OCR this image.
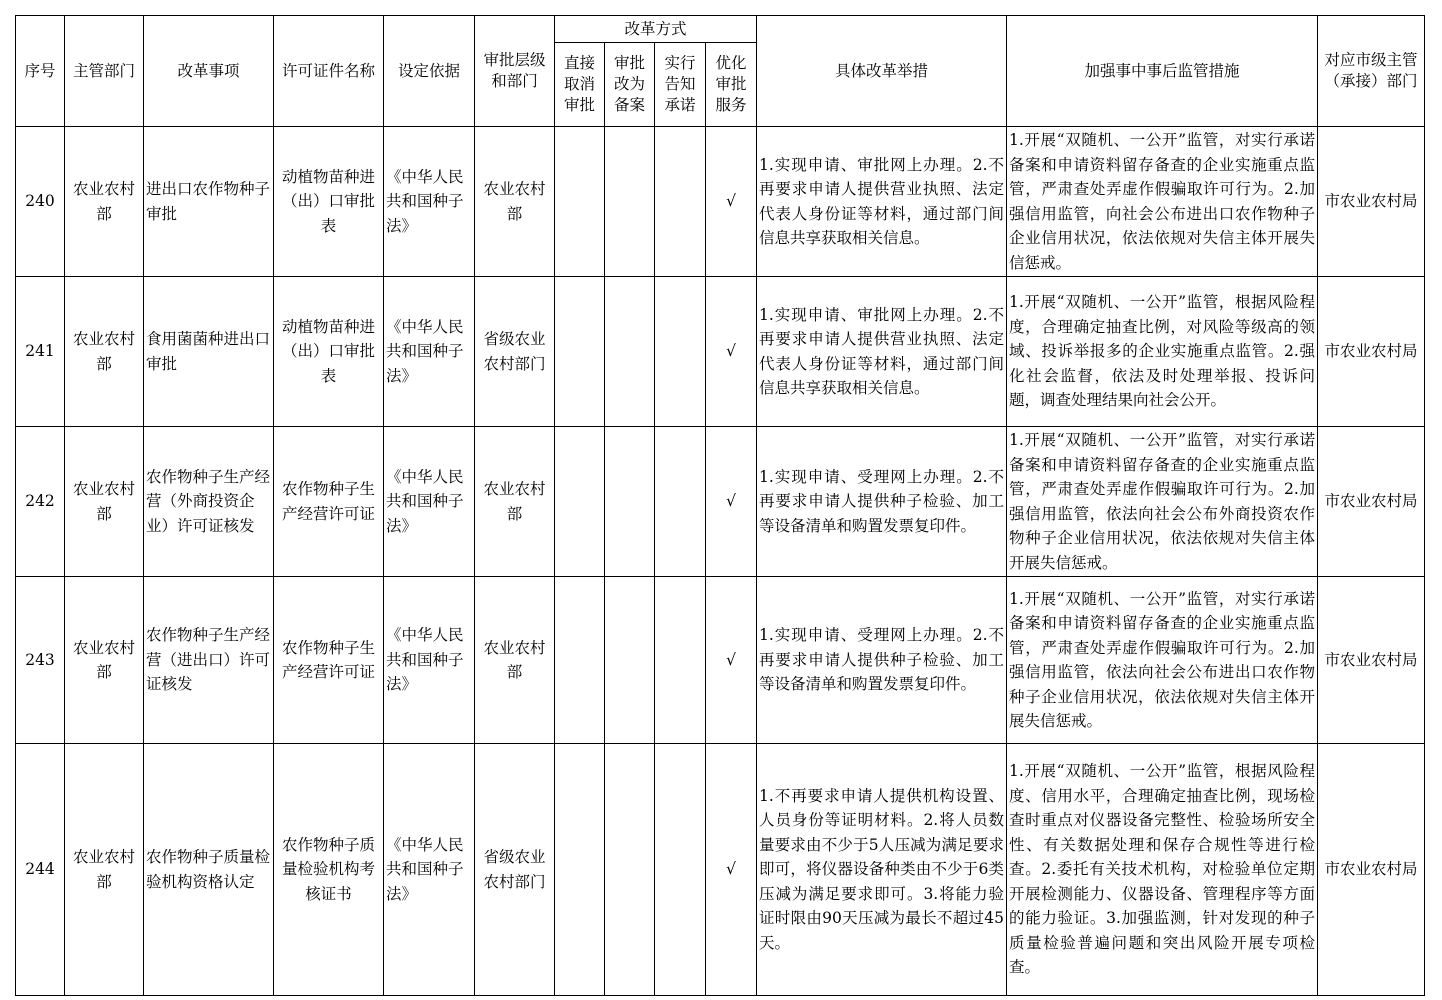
序号	主管部门	改革事项	许可证件名称	设定依据	审批层级和部门	改革方式				具体改革举措	加强事中事后监管措施	对应市级主管（承接）部门
						直接取消审批	审批改为备案	实行告知承诺	优化审批服务			
240	农业农村部	进出口农作物种子审批	动植物苗种进（出）口审批表	《中华人民共和国种子法》	农业农村部				√	1.实现申请、审批网上办理。2.不再要求申请人提供营业执照、法定代表人身份证等材料，通过部门间信息共享获取相关信息。	1.开展“双随机、一公开”监管，对实行承诺备案和申请资料留存备查的企业实施重点监管，严肃查处弄虚作假骗取许可行为。2.加强信用监管，向社会公布进出口农作物种子企业信用状况，依法依规对失信主体开展失信惩戒。	市农业农村局
241	农业农村部	食用菌菌种进出口审批	动植物苗种进（出）口审批表	《中华人民共和国种子法》	省级农业农村部门				√	1.实现申请、审批网上办理。2.不再要求申请人提供营业执照、法定代表人身份证等材料，通过部门间信息共享获取相关信息。	1.开展“双随机、一公开”监管，根据风险程度，合理确定抽查比例，对风险等级高的领域、投诉举报多的企业实施重点监管。2.强化社会监督，依法及时处理举报、投诉问题，调查处理结果向社会公开。	市农业农村局
242	农业农村部	农作物种子生产经营（外商投资企业）许可证核发	农作物种子生产经营许可证	《中华人民共和国种子法》	农业农村部				√	1.实现申请、受理网上办理。2.不再要求申请人提供种子检验、加工等设备清单和购置发票复印件。	1.开展“双随机、一公开”监管，对实行承诺备案和申请资料留存备查的企业实施重点监管，严肃查处弄虚作假骗取许可行为。2.加强信用监管，依法向社会公布外商投资农作物种子企业信用状况，依法依规对失信主体开展失信惩戒。	市农业农村局
243	农业农村部	农作物种子生产经营（进出口）许可证核发	农作物种子生产经营许可证	《中华人民共和国种子法》	农业农村部				√	1.实现申请、受理网上办理。2.不再要求申请人提供种子检验、加工等设备清单和购置发票复印件。	1.开展“双随机、一公开”监管，对实行承诺备案和申请资料留存备查的企业实施重点监管，严肃查处弄虚作假骗取许可行为。2.加强信用监管，依法向社会公布进出口农作物种子企业信用状况，依法依规对失信主体开展失信惩戒。	市农业农村局
244	农业农村部	农作物种子质量检验机构资格认定	农作物种子质量检验机构考核证书	《中华人民共和国种子法》	省级农业农村部门				√	1.不再要求申请人提供机构设置、人员身份等证明材料。2.将人员数量要求由不少于5人压减为满足要求即可，将仪器设备种类由不少于6类压减为满足要求即可。3.将能力验证时限由90天压减为最长不超过45天。	1.开展“双随机、一公开”监管，根据风险程度、信用水平，合理确定抽查比例，现场检查时重点对仪器设备完整性、检验场所安全性、有关数据处理和保存合规性等进行检查。2.委托有关技术机构，对检验单位定期开展检测能力、仪器设备、管理程序等方面的能力验证。3.加强监测，针对发现的种子质量检验普遍问题和突出风险开展专项检查。	市农业农村局
